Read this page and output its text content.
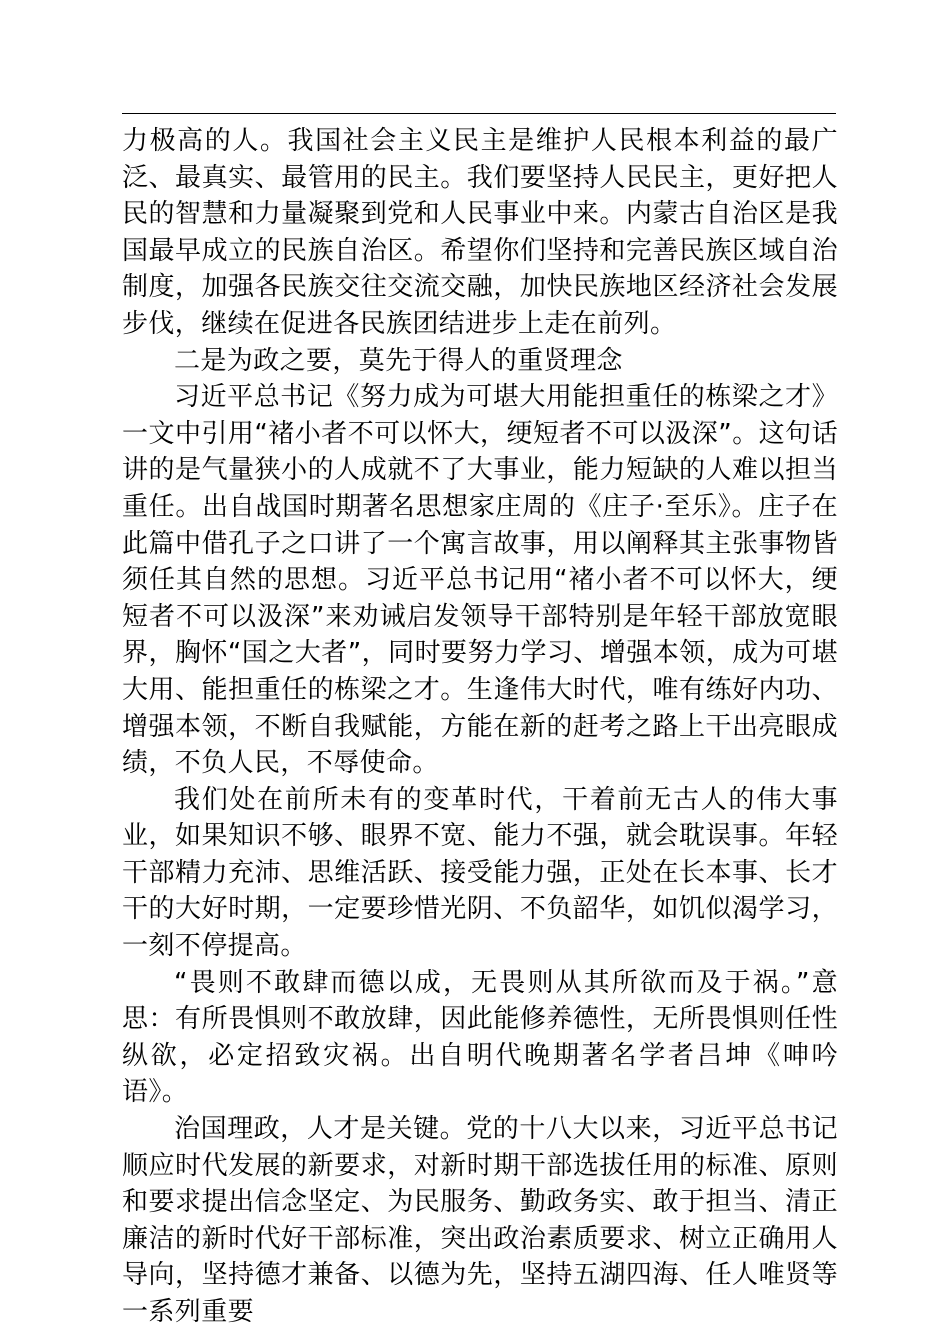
力极高的人。我国社会主义民主是维护人民根本利益的最广泛、最真实、最管用的民主。我们要坚持人民民主，更好把人民的智慧和力量凝聚到党和人民事业中来。内蒙古自治区是我国最早成立的民族自治区。希望你们坚持和完善民族区域自治制度，加强各民族交往交流交融，加快民族地区经济社会发展步伐，继续在促进各民族团结进步上走在前列。

二是为政之要，莫先于得人的重贤理念

习近平总书记《努力成为可堪大用能担重任的栋梁之才》一文中引用“褚小者不可以怀大，绠短者不可以汲深”。这句话讲的是气量狭小的人成就不了大事业，能力短缺的人难以担当重任。出自战国时期著名思想家庄周的《庄子·至乐》。庄子在此篇中借孔子之口讲了一个寓言故事，用以阐释其主张事物皆须任其自然的思想。习近平总书记用“褚小者不可以怀大，绠短者不可以汲深”来劝诫启发领导干部特别是年轻干部放宽眼界，胸怀“国之大者”，同时要努力学习、增强本领，成为可堪大用、能担重任的栋梁之才。生逢伟大时代，唯有练好内功、增强本领，不断自我赋能，方能在新的赶考之路上干出亮眼成绩，不负人民，不辱使命。

我们处在前所未有的变革时代，干着前无古人的伟大事业，如果知识不够、眼界不宽、能力不强，就会耽误事。年轻干部精力充沛、思维活跃、接受能力强，正处在长本事、长才干的大好时期，一定要珍惜光阴、不负韶华，如饥似渴学习，一刻不停提高。

“畏则不敢肆而德以成，无畏则从其所欲而及于祸。”意思：有所畏惧则不敢放肆，因此能修养德性，无所畏惧则任性纵欲，必定招致灾祸。出自明代晚期著名学者吕坤《呻吟语》。

治国理政，人才是关键。党的十八大以来，习近平总书记顺应时代发展的新要求，对新时期干部选拔任用的标准、原则和要求提出信念坚定、为民服务、勤政务实、敢于担当、清正廉洁的新时代好干部标准，突出政治素质要求、树立正确用人导向，坚持德才兼备、以德为先，坚持五湖四海、任人唯贤等一系列重要
